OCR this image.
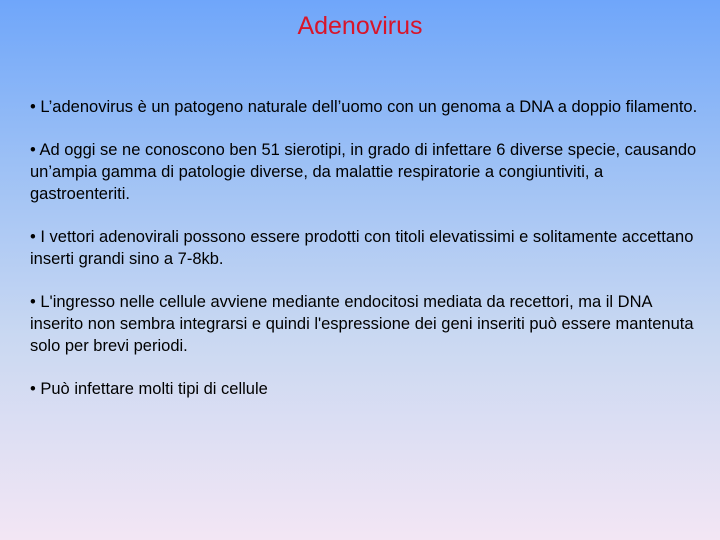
Adenovirus
• L’adenovirus è un patogeno naturale dell’uomo con un genoma a DNA a doppio filamento.
• Ad oggi se ne conoscono ben 51 sierotipi, in grado di infettare 6 diverse specie, causando un’ampia gamma di patologie diverse, da malattie respiratorie a congiuntiviti, a gastroenteriti.
• I vettori adenovirali possono essere prodotti con titoli elevatissimi e solitamente accettano inserti grandi sino a 7-8kb.
• L'ingresso nelle cellule avviene mediante endocitosi mediata da recettori, ma il DNA inserito non sembra integrarsi e quindi l'espressione dei geni inseriti può essere mantenuta solo per brevi periodi.
• Può infettare molti tipi di cellule
